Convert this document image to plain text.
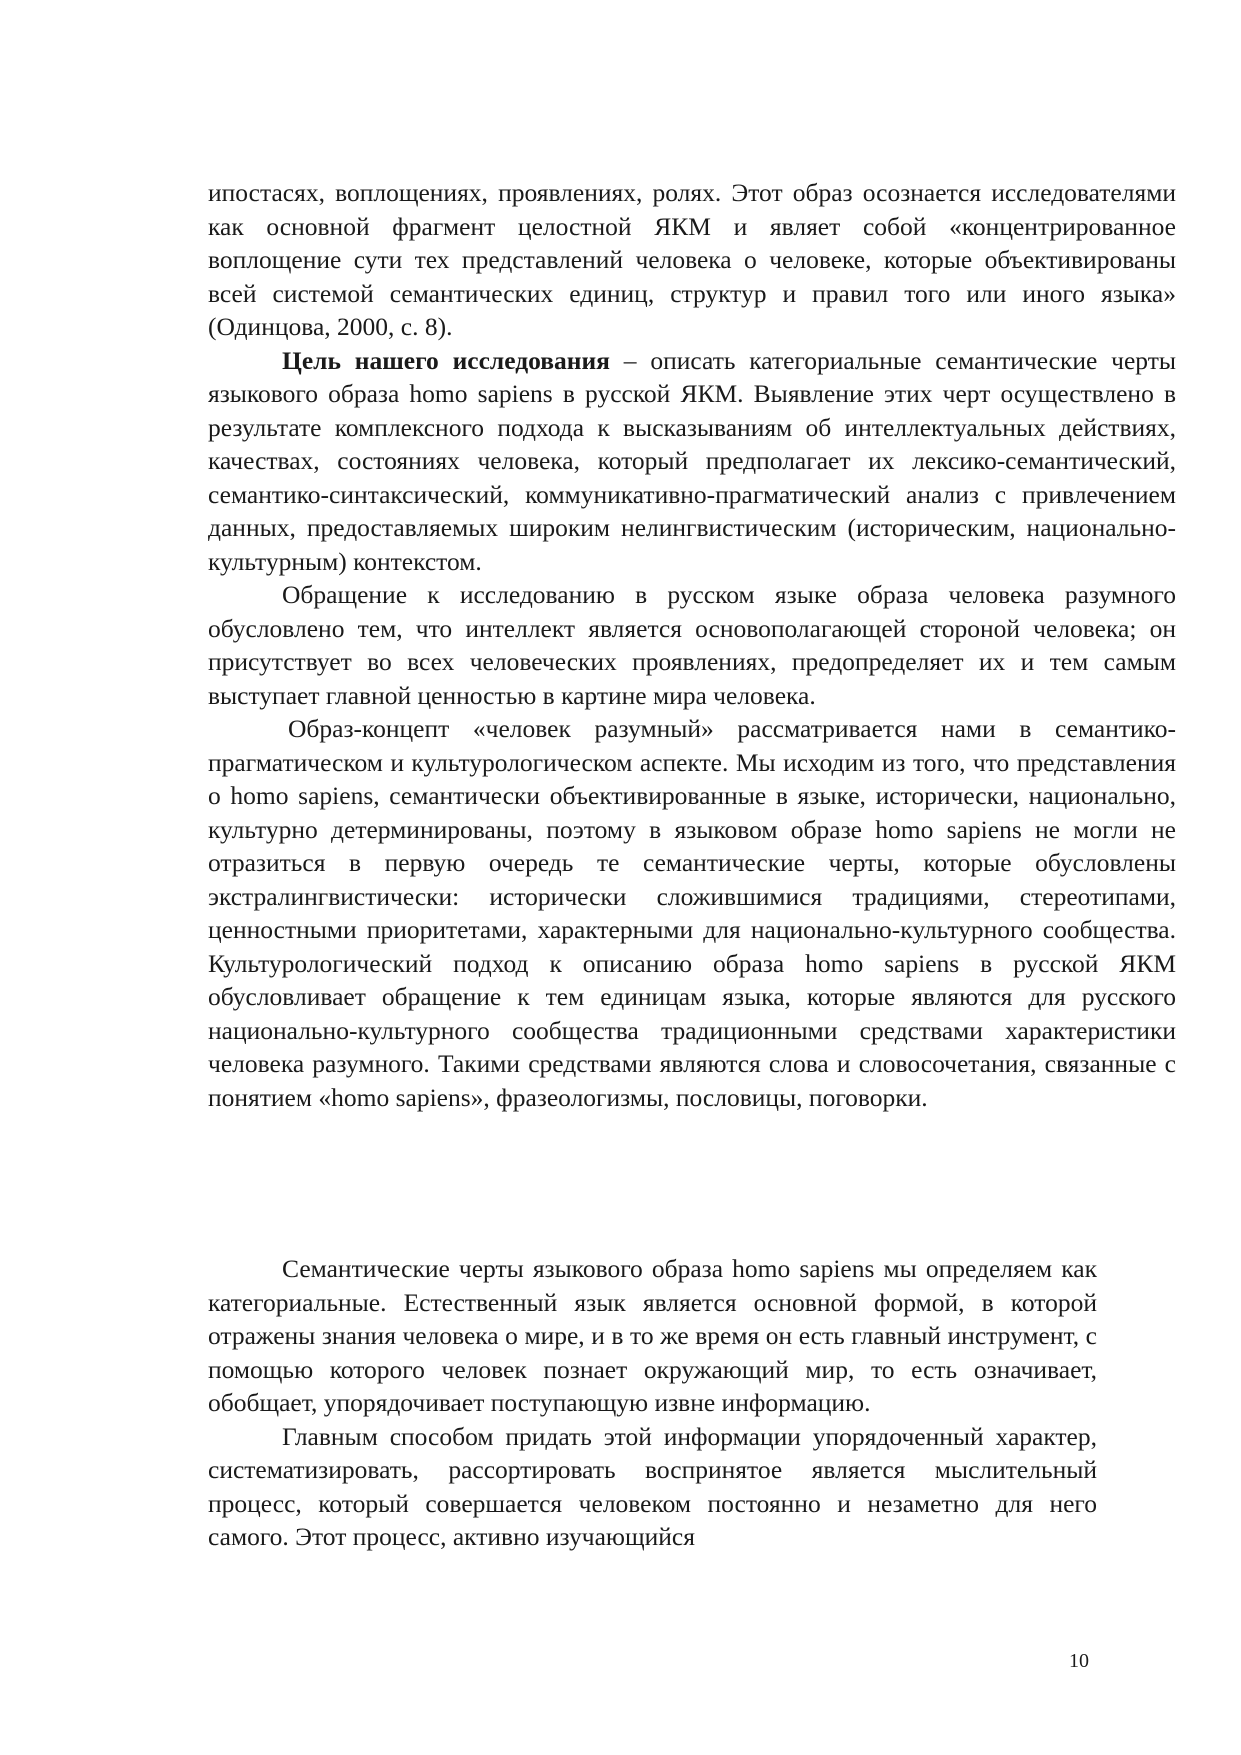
ипостасях, воплощениях, проявлениях, ролях. Этот образ осознается исследователями как основной фрагмент целостной ЯКМ и являет собой «концентрированное воплощение сути тех представлений человека о человеке, которые объективированы всей системой семантических единиц, структур и правил того или иного языка» (Одинцова, 2000, с. 8).

Цель нашего исследования – описать категориальные семантические черты языкового образа homo sapiens в русской ЯКМ. Выявление этих черт осуществлено в результате комплексного подхода к высказываниям об интеллектуальных действиях, качествах, состояниях человека, который предполагает их лексико-семантический, семантико-синтаксический, коммуникативно-прагматический анализ с привлечением данных, предоставляемых широким нелингвистическим (историческим, национально-культурным) контекстом.

Обращение к исследованию в русском языке образа человека разумного обусловлено тем, что интеллект является основополагающей стороной человека; он присутствует во всех человеческих проявлениях, предопределяет их и тем самым выступает главной ценностью в картине мира человека.

Образ-концепт «человек разумный» рассматривается нами в семантико-прагматическом и культурологическом аспекте. Мы исходим из того, что представления о homo sapiens, семантически объективированные в языке, исторически, национально, культурно детерминированы, поэтому в языковом образе homo sapiens не могли не отразиться в первую очередь те семантические черты, которые обусловлены экстралингвистически: исторически сложившимися традициями, стереотипами, ценностными приоритетами, характерными для национально-культурного сообщества. Культурологический подход к описанию образа homo sapiens в русской ЯКМ обусловливает обращение к тем единицам языка, которые являются для русского национально-культурного сообщества традиционными средствами характеристики человека разумного. Такими средствами являются слова и словосочетания, связанные с понятием «homo sapiens», фразеологизмы, пословицы, поговорки.

Семантические черты языкового образа homo sapiens мы определяем как категориальные. Естественный язык является основной формой, в которой отражены знания человека о мире, и в то же время он есть главный инструмент, с помощью которого человек познает окружающий мир, то есть означивает, обобщает, упорядочивает поступающую извне информацию.

Главным способом придать этой информации упорядоченный характер, систематизировать, рассортировать воспринятое является мыслительный процесс, который совершается человеком постоянно и незаметно для него самого. Этот процесс, активно изучающийся

10
